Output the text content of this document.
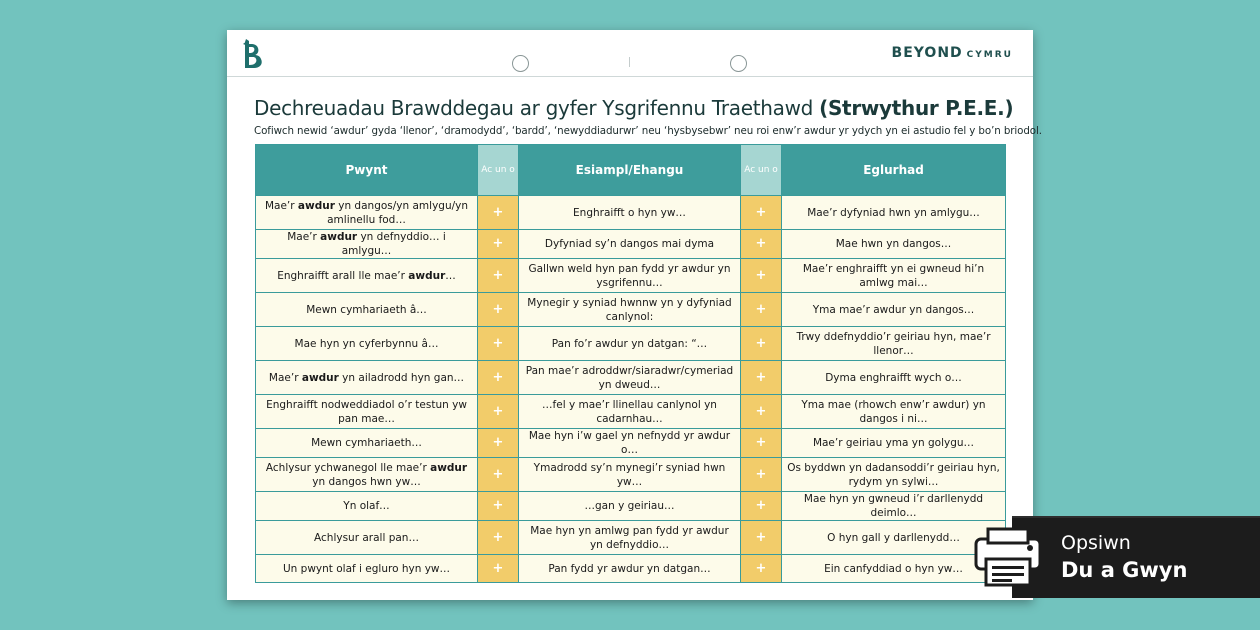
BEYOND CYMRU
Dechreuadau Brawddegau ar gyfer Ysgrifennu Traethawd (Strwythur P.E.E.)
Cofiwch newid ‘awdur’ gyda ‘llenor’, ‘dramodydd’, ‘bardd’, ‘newyddiadurwr’ neu ‘hysbysebwr’ neu roi enw’r awdur yr ydych yn ei astudio fel y bo’n briodol.
Pwynt	Ac un o	Esiampl/Ehangu	Ac un o	Eglurhad
Mae’r awdur yn dangos/yn amlygu/yn amlinellu fod…	+	Enghraifft o hyn yw…	+	Mae’r dyfyniad hwn yn amlygu…
Mae’r awdur yn defnyddio… i amlygu…	+	Dyfyniad sy’n dangos mai dyma	+	Mae hwn yn dangos…
Enghraifft arall lle mae’r awdur…	+	Gallwn weld hyn pan fydd yr awdur yn ysgrifennu…	+	Mae’r enghraifft yn ei gwneud hi’n amlwg mai…
Mewn cymhariaeth â…	+	Mynegir y syniad hwnnw yn y dyfyniad canlynol:	+	Yma mae’r awdur yn dangos…
Mae hyn yn cyferbynnu â…	+	Pan fo’r awdur yn datgan: “…	+	Trwy ddefnyddio’r geiriau hyn, mae’r llenor…
Mae’r awdur yn ailadrodd hyn gan…	+	Pan mae’r adroddwr/siaradwr/cymeriad yn dweud…	+	Dyma enghraifft wych o…
Enghraifft nodweddiadol o’r testun yw pan mae…	+	…fel y mae’r llinellau canlynol yn cadarnhau…	+	Yma mae (rhowch enw’r awdur) yn dangos i ni…
Mewn cymhariaeth…	+	Mae hyn i’w gael yn nefnydd yr awdur o…	+	Mae’r geiriau yma yn golygu…
Achlysur ychwanegol lle mae’r awdur yn dangos hwn yw…	+	Ymadrodd sy’n mynegi’r syniad hwn yw…	+	Os byddwn yn dadansoddi’r geiriau hyn, rydym yn sylwi…
Yn olaf…	+	…gan y geiriau…	+	Mae hyn yn gwneud i’r darllenydd deimlo…
Achlysur arall pan…	+	Mae hyn yn amlwg pan fydd yr awdur yn defnyddio…	+	O hyn gall y darllenydd…
Un pwynt olaf i egluro hyn yw…	+	Pan fydd yr awdur yn datgan…	+	Ein canfyddiad o hyn yw…
Opsiwn
Du a Gwyn
